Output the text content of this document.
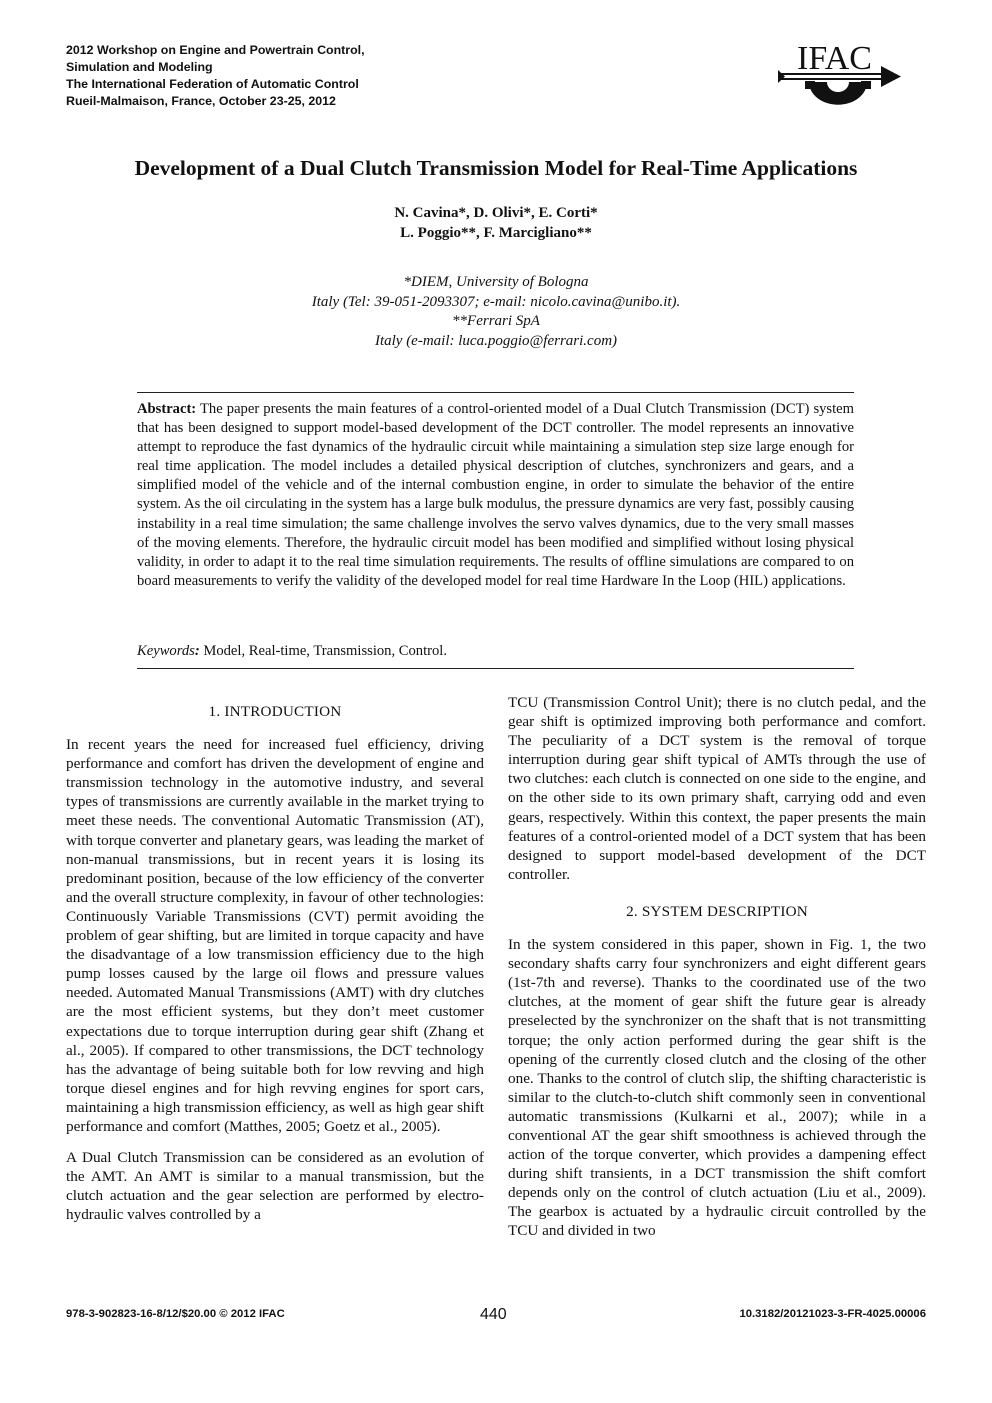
2012 Workshop on Engine and Powertrain Control,
Simulation and Modeling
The International Federation of Automatic Control
Rueil-Malmaison, France, October 23-25, 2012
IFAC
Development of a Dual Clutch Transmission Model for Real-Time Applications
N. Cavina*, D. Olivi*, E. Corti*
L. Poggio**, F. Marcigliano**
*DIEM, University of Bologna
Italy (Tel: 39-051-2093307; e-mail: nicolo.cavina@unibo.it).
**Ferrari SpA
Italy (e-mail: luca.poggio@ferrari.com)

Abstract: The paper presents the main features of a control-oriented model of a Dual Clutch Transmission (DCT) system that has been designed to support model-based development of the DCT controller. The model represents an innovative attempt to reproduce the fast dynamics of the hydraulic circuit while maintaining a simulation step size large enough for real time application. The model includes a detailed physical description of clutches, synchronizers and gears, and a simplified model of the vehicle and of the internal combustion engine, in order to simulate the behavior of the entire system. As the oil circulating in the system has a large bulk modulus, the pressure dynamics are very fast, possibly causing instability in a real time simulation; the same challenge involves the servo valves dynamics, due to the very small masses of the moving elements. Therefore, the hydraulic circuit model has been modified and simplified without losing physical validity, in order to adapt it to the real time simulation requirements. The results of offline simulations are compared to on board measurements to verify the validity of the developed model for real time Hardware In the Loop (HIL) applications.

Keywords: Model, Real-time, Transmission, Control.

1. INTRODUCTION

In recent years the need for increased fuel efficiency, driving performance and comfort has driven the development of engine and transmission technology in the automotive industry, and several types of transmissions are currently available in the market trying to meet these needs. The conventional Automatic Transmission (AT), with torque converter and planetary gears, was leading the market of non-manual transmissions, but in recent years it is losing its predominant position, because of the low efficiency of the converter and the overall structure complexity, in favour of other technologies: Continuously Variable Transmissions (CVT) permit avoiding the problem of gear shifting, but are limited in torque capacity and have the disadvantage of a low transmission efficiency due to the high pump losses caused by the large oil flows and pressure values needed. Automated Manual Transmissions (AMT) with dry clutches are the most efficient systems, but they don’t meet customer expectations due to torque interruption during gear shift (Zhang et al., 2005). If compared to other transmissions, the DCT technology has the advantage of being suitable both for low revving and high torque diesel engines and for high revving engines for sport cars, maintaining a high transmission efficiency, as well as high gear shift performance and comfort (Matthes, 2005; Goetz et al., 2005).

A Dual Clutch Transmission can be considered as an evolution of the AMT. An AMT is similar to a manual transmission, but the clutch actuation and the gear selection are performed by electro-hydraulic valves controlled by a

TCU (Transmission Control Unit); there is no clutch pedal, and the gear shift is optimized improving both performance and comfort. The peculiarity of a DCT system is the removal of torque interruption during gear shift typical of AMTs through the use of two clutches: each clutch is connected on one side to the engine, and on the other side to its own primary shaft, carrying odd and even gears, respectively. Within this context, the paper presents the main features of a control-oriented model of a DCT system that has been designed to support model-based development of the DCT controller.

2. SYSTEM DESCRIPTION

In the system considered in this paper, shown in Fig. 1, the two secondary shafts carry four synchronizers and eight different gears (1st-7th and reverse). Thanks to the coordinated use of the two clutches, at the moment of gear shift the future gear is already preselected by the synchronizer on the shaft that is not transmitting torque; the only action performed during the gear shift is the opening of the currently closed clutch and the closing of the other one. Thanks to the control of clutch slip, the shifting characteristic is similar to the clutch-to-clutch shift commonly seen in conventional automatic transmissions (Kulkarni et al., 2007); while in a conventional AT the gear shift smoothness is achieved through the action of the torque converter, which provides a dampening effect during shift transients, in a DCT transmission the shift comfort depends only on the control of clutch actuation (Liu et al., 2009). The gearbox is actuated by a hydraulic circuit controlled by the TCU and divided in two

978-3-902823-16-8/12/$20.00 © 2012 IFAC	440	10.3182/20121023-3-FR-4025.00006
